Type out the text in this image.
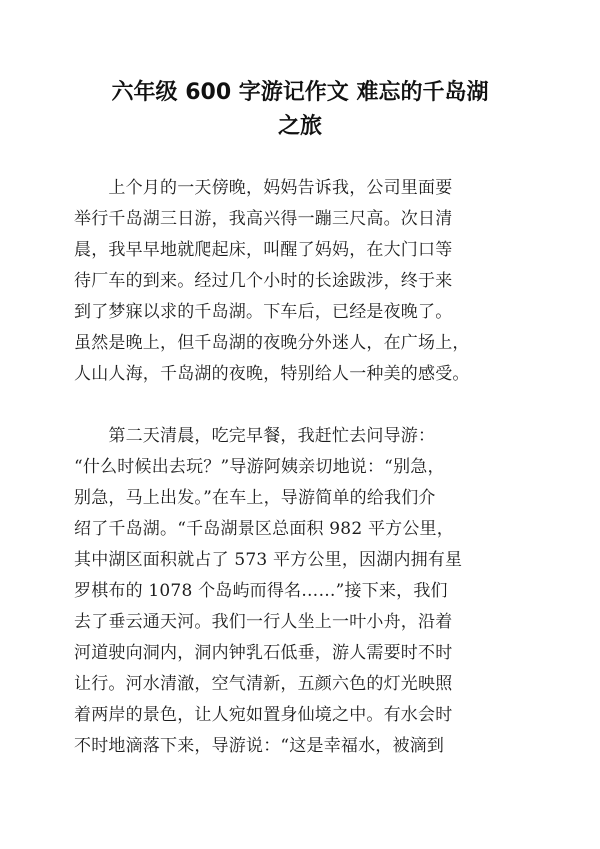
六年级 600 字游记作文 难忘的千岛湖
之旅
　　上个月的一天傍晚，妈妈告诉我，公司里面要
举行千岛湖三日游，我高兴得一蹦三尺高。次日清
晨，我早早地就爬起床，叫醒了妈妈，在大门口等
待厂车的到来。经过几个小时的长途跋涉，终于来
到了梦寐以求的千岛湖。下车后，已经是夜晚了。
虽然是晚上，但千岛湖的夜晚分外迷人，在广场上，
人山人海，千岛湖的夜晚，特别给人一种美的感受。
　　第二天清晨，吃完早餐，我赶忙去问导游：
“什么时候出去玩？”导游阿姨亲切地说：“别急，
别急，马上出发。”在车上，导游简单的给我们介
绍了千岛湖。“千岛湖景区总面积 982 平方公里，
其中湖区面积就占了 573 平方公里，因湖内拥有星
罗棋布的 1078 个岛屿而得名……”接下来，我们
去了垂云通天河。我们一行人坐上一叶小舟，沿着
河道驶向洞内，洞内钟乳石低垂，游人需要时不时
让行。河水清澈，空气清新，五颜六色的灯光映照
着两岸的景色，让人宛如置身仙境之中。有水会时
不时地滴落下来，导游说：“这是幸福水，被滴到
